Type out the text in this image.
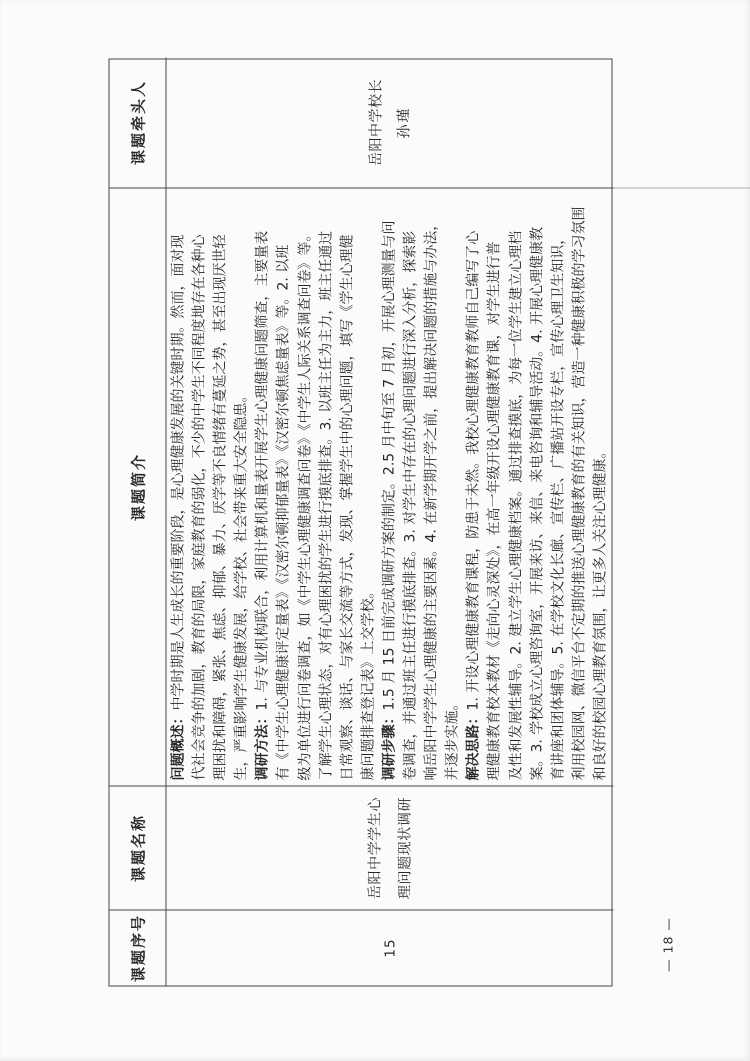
课题序号
课题名称
课题简介
课题牵头人
15
岳阳中学学生心	理问题现状调研
问题概述：中学时期是人生成长的重要阶段，是心理健康发展的关键时期。然而，面对现 代社会竞争的加剧，教育的局限，家庭教育的弱化，不少的中学生不同程度地存在各种心 理困扰和障碍，紧张、焦虑、抑郁、暴力、厌学等不良情绪有蔓延之势，甚至出现厌世轻 生，严重影响学生健康发展，给学校、社会带来重大安全隐患。 调研方法：1. 与专业机构联合，利用计算机和量表开展学生心理健康问题筛查，主要量表 有《中学生心理健康评定量表》《汉密尔顿抑郁量表》《汉密尔顿焦虑量表》等。2. 以班 级为单位进行问卷调查，如《中学生心理健康调查问卷》《中学生人际关系调查问卷》等。 了解学生心理状态，对有心理困扰的学生进行摸底排查。3. 以班主任为主力，班主任通过 日常观察、谈话、与家长交流等方式，发现、掌握学生中的心理问题，填写《学生心理健 康问题排查登记表》上交学校。 调研步骤：1.5 月 15 日前完成调研方案的制定。2.5 月中旬至 7 月初，开展心理测量与问 卷调查，并通过班主任进行摸底排查。3. 对学生中存在的心理问题进行深入分析，探索影 响岳阳中学学生心理健康的主要因素。4. 在新学期开学之前，提出解决问题的措施与办法， 并逐步实施。 解决思路：1. 开设心理健康教育课程，防患于未然。我校心理健康教育教师自己编写了心 理健康教育校本教材《走向心灵深处》，在高一年级开设心理健康教育课，对学生进行普 及性和发展性辅导。2. 建立学生心理健康档案。通过排查摸底，为每一位学生建立心理档 案。3. 学校成立心理咨询室，开展来访、来信、来电咨询和辅导活动。4. 开展心理健康教 育讲座和团体辅导。5. 在学校文化长廊、宣传栏、广播站开设专栏，宣传心理卫生知识， 利用校园网、微信平台不定期的推送心理健康教育的有关知识，营造一种健康积极的学习氛围 和良好的校园心理教育氛围，让更多人关注心理健康。
岳阳中学校长 孙瑾
— 18 —
